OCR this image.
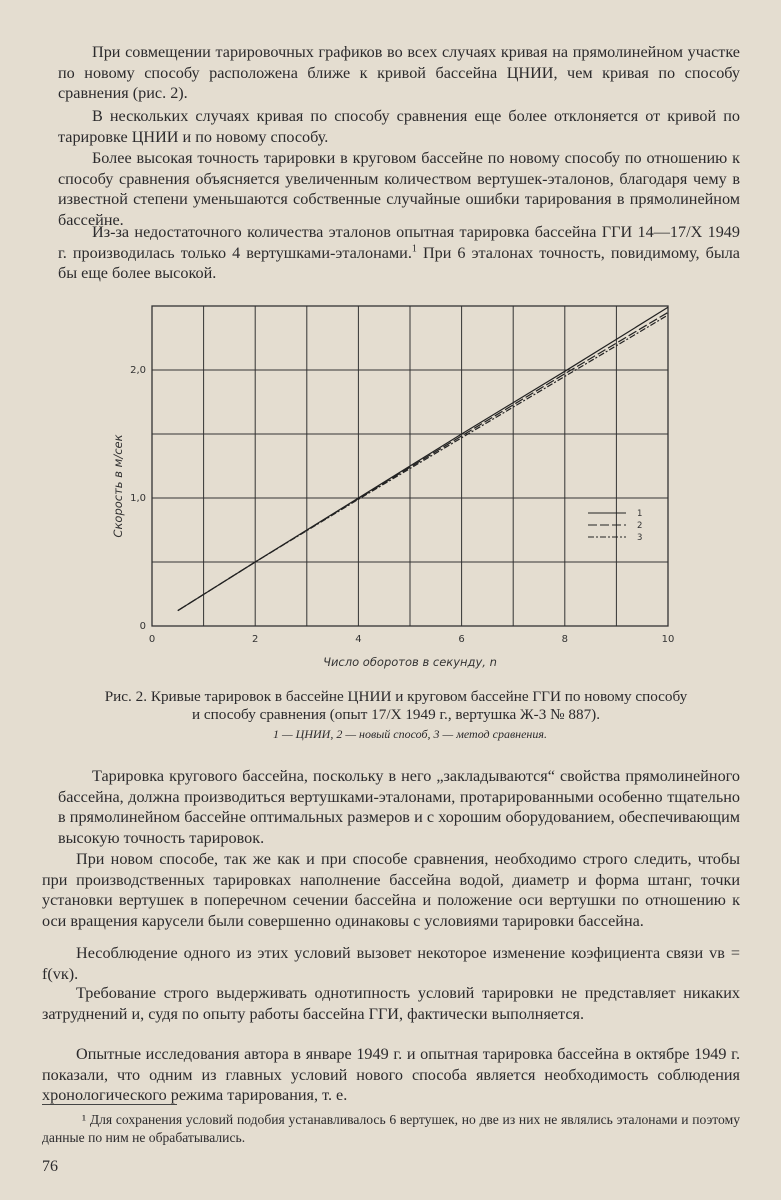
При совмещении тарировочных графиков во всех случаях кривая на прямолинейном участке по новому способу расположена ближе к кривой бассейна ЦНИИ, чем кривая по способу сравнения (рис. 2).

В нескольких случаях кривая по способу сравнения еще более отклоняется от кривой по тарировке ЦНИИ и по новому способу.

Более высокая точность тарировки в круговом бассейне по новому способу по отношению к способу сравнения объясняется увеличенным количеством вертушек-эталонов, благодаря чему в известной степени уменьшаются собственные случайные ошибки тарирования в прямолинейном бассейне.

Из-за недостаточного количества эталонов опытная тарировка бассейна ГГИ 14—17/X 1949 г. производилась только 4 вертушками-эталонами.$^1$ При 6 эталонах точность, повидимому, была бы еще более высокой.

0	2	4	6	8	10
1,0
2,0
0
1
2
3
Скорость в м/сек
Число оборотов в секунду, n

Рис. 2. Кривые тарировок в бассейне ЦНИИ и круговом бассейне ГГИ по новому способу и способу сравнения (опыт 17/X 1949 г., вертушка Ж-3 № 887).

1 — ЦНИИ, 2 — новый способ, 3 — метод сравнения.

Тарировка кругового бассейна, поскольку в него „закладываются“ свойства прямолинейного бассейна, должна производиться вертушками-эталонами, протарированными особенно тщательно в прямолинейном бассейне оптимальных размеров и с хорошим оборудованием, обеспечивающим высокую точность тарировок.

При новом способе, так же как и при способе сравнения, необходимо строго следить, чтобы при производственных тарировках наполнение бассейна водой, диаметр и форма штанг, точки установки вертушек в поперечном сечении бассейна и положение оси вертушки по отношению к оси вращения карусели были совершенно одинаковы с условиями тарировки бассейна.

Несоблюдение одного из этих условий вызовет некоторое изменение коэфициента связи vв = f(vк).

Требование строго выдерживать однотипность условий тарировки не представляет никаких затруднений и, судя по опыту работы бассейна ГГИ, фактически выполняется.

Опытные исследования автора в январе 1949 г. и опытная тарировка бассейна в октябре 1949 г. показали, что одним из главных условий нового способа является необходимость соблюдения хронологического режима тарирования, т. е.

¹ Для сохранения условий подобия устанавливалось 6 вертушек, но две из них не являлись эталонами и поэтому данные по ним не обрабатывались.

76
